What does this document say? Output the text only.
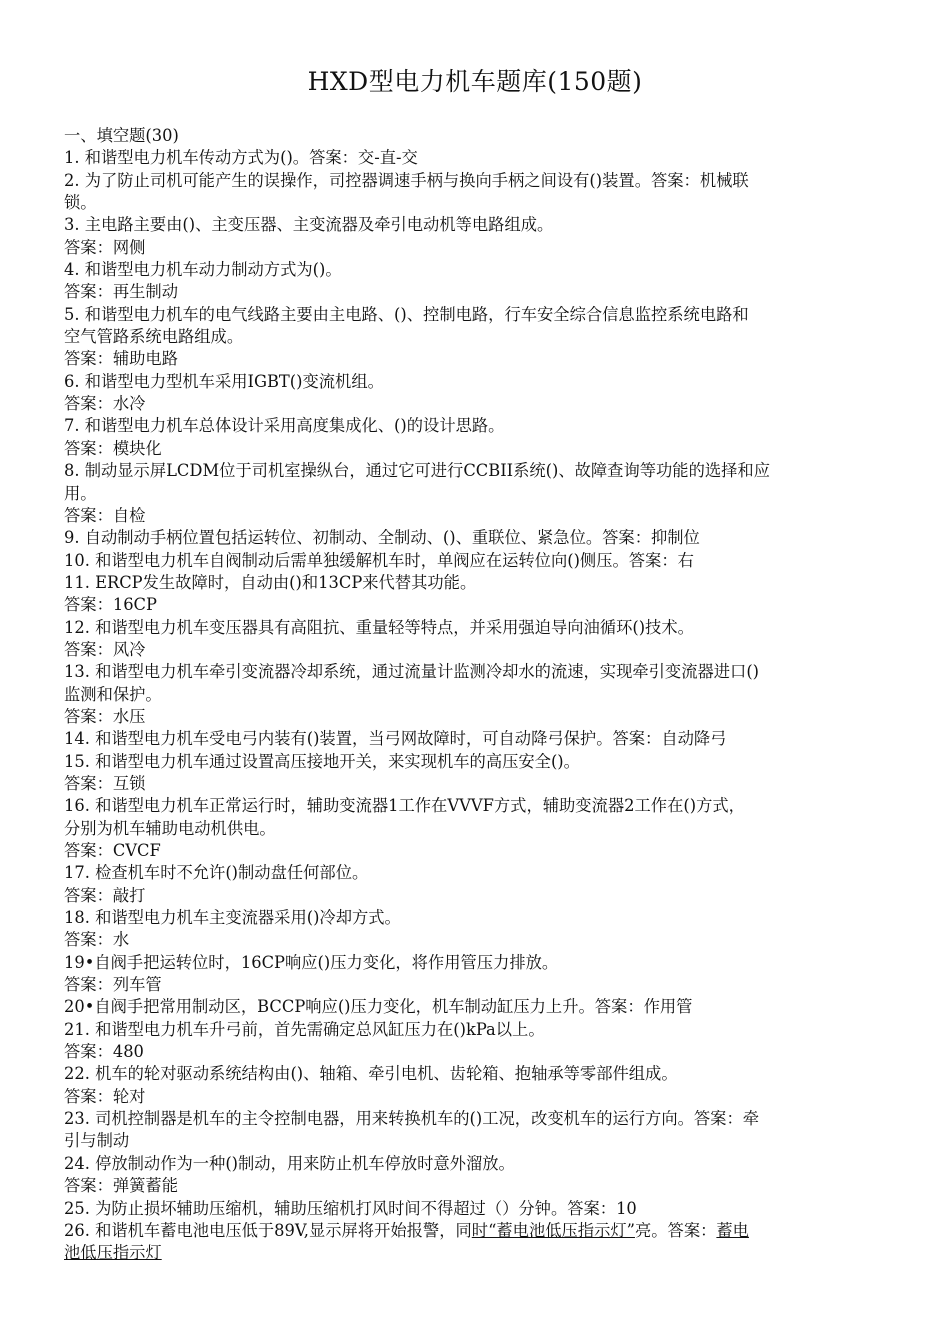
HXD型电力机车题库(150题)
一、填空题(30)
1. 和谐型电力机车传动方式为()。答案：交-直-交
2. 为了防止司机可能产生的误操作，司控器调速手柄与换向手柄之间设有()装置。答案：机械联
锁。
3. 主电路主要由()、主变压器、主变流器及牵引电动机等电路组成。
答案：网侧
4. 和谐型电力机车动力制动方式为()。
答案：再生制动
5. 和谐型电力机车的电气线路主要由主电路、()、控制电路，行车安全综合信息监控系统电路和
空气管路系统电路组成。
答案：辅助电路
6. 和谐型电力型机车采用IGBT()变流机组。
答案：水冷
7. 和谐型电力机车总体设计采用高度集成化、()的设计思路。
答案：模块化
8. 制动显示屏LCDM位于司机室操纵台，通过它可进行CCBII系统()、故障查询等功能的选择和应
用。
答案：自检
9. 自动制动手柄位置包括运转位、初制动、全制动、()、重联位、紧急位。答案：抑制位
10. 和谐型电力机车自阀制动后需单独缓解机车时，单阀应在运转位向()侧压。答案：右
11. ERCP发生故障时，自动由()和13CP来代替其功能。
答案：16CP
12. 和谐型电力机车变压器具有高阻抗、重量轻等特点，并采用强迫导向油循环()技术。
答案：风冷
13. 和谐型电力机车牵引变流器冷却系统，通过流量计监测冷却水的流速，实现牵引变流器进口()
监测和保护。
答案：水压
14. 和谐型电力机车受电弓内装有()装置，当弓网故障时，可自动降弓保护。答案：自动降弓
15. 和谐型电力机车通过设置高压接地开关，来实现机车的高压安全()。
答案：互锁
16. 和谐型电力机车正常运行时，辅助变流器1工作在VVVF方式，辅助变流器2工作在()方式，
分别为机车辅助电动机供电。
答案：CVCF
17. 检查机车时不允许()制动盘任何部位。
答案：敲打
18. 和谐型电力机车主变流器采用()冷却方式。
答案：水
19•自阀手把运转位时，16CP响应()压力变化，将作用管压力排放。
答案：列车管
20•自阀手把常用制动区，BCCP响应()压力变化，机车制动缸压力上升。答案：作用管
21. 和谐型电力机车升弓前，首先需确定总风缸压力在()kPa以上。
答案：480
22. 机车的轮对驱动系统结构由()、轴箱、牵引电机、齿轮箱、抱轴承等零部件组成。
答案：轮对
23. 司机控制器是机车的主令控制电器，用来转换机车的()工况，改变机车的运行方向。答案：牵
引与制动
24. 停放制动作为一种()制动，用来防止机车停放时意外溜放。
答案：弹簧蓄能
25. 为防止损坏辅助压缩机，辅助压缩机打风时间不得超过（）分钟。答案：10
26. 和谐机车蓄电池电压低于89V,显示屏将开始报警，同时“蓄电池低压指示灯”亮。答案：蓄电
池低压指示灯
